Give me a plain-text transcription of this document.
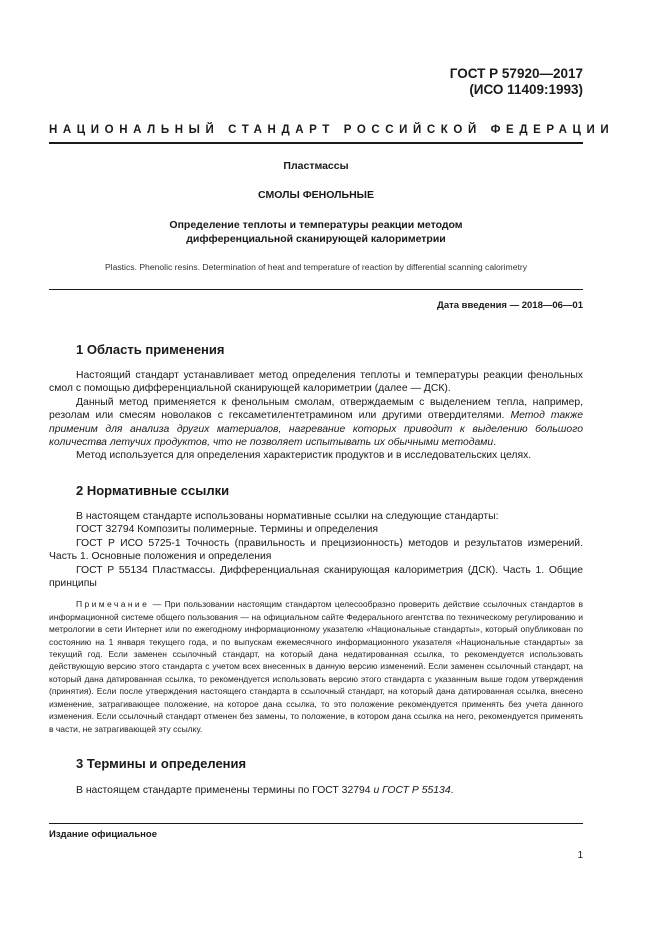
ГОСТ Р 57920—2017
(ИСО 11409:1993)
НАЦИОНАЛЬНЫЙ СТАНДАРТ РОССИЙСКОЙ ФЕДЕРАЦИИ
Пластмассы
СМОЛЫ ФЕНОЛЬНЫЕ
Определение теплоты и температуры реакции методом
дифференциальной сканирующей калориметрии
Plastics. Phenolic resins. Determination of heat and temperature of reaction by differential scanning calorimetry
Дата введения — 2018—06—01
1 Область применения

Настоящий стандарт устанавливает метод определения теплоты и температуры реакции фенольных смол с помощью дифференциальной сканирующей калориметрии (далее — ДСК).

Данный метод применяется к фенольным смолам, отверждаемым с выделением тепла, например, резолам или смесям новолаков с гексаметилентетрамином или другими отвердителями. Метод также применим для анализа других материалов, нагревание которых приводит к выделению большого количества летучих продуктов, что не позволяет испытывать их обычными методами.

Метод используется для определения характеристик продуктов и в исследовательских целях.

2 Нормативные ссылки

В настоящем стандарте использованы нормативные ссылки на следующие стандарты:

ГОСТ 32794 Композиты полимерные. Термины и определения

ГОСТ Р ИСО 5725-1 Точность (правильность и прецизионность) методов и результатов измерений. Часть 1. Основные положения и определения

ГОСТ Р 55134 Пластмассы. Дифференциальная сканирующая калориметрия (ДСК). Часть 1. Общие принципы

Примечание — При пользовании настоящим стандартом целесообразно проверить действие ссылочных стандартов в информационной системе общего пользования — на официальном сайте Федерального агентства по техническому регулированию и метрологии в сети Интернет или по ежегодному информационному указателю «Национальные стандарты», который опубликован по состоянию на 1 января текущего года, и по выпускам ежемесячного информационного указателя «Национальные стандарты» за текущий год. Если заменен ссылочный стандарт, на который дана недатированная ссылка, то рекомендуется использовать действующую версию этого стандарта с учетом всех внесенных в данную версию изменений. Если заменен ссылочный стандарт, на который дана датированная ссылка, то рекомендуется использовать версию этого стандарта с указанным выше годом утверждения (принятия). Если после утверждения настоящего стандарта в ссылочный стандарт, на который дана датированная ссылка, внесено изменение, затрагивающее положение, на которое дана ссылка, то это положение рекомендуется применять без учета данного изменения. Если ссылочный стандарт отменен без замены, то положение, в котором дана ссылка на него, рекомендуется применять в части, не затрагивающей эту ссылку.

3 Термины и определения

В настоящем стандарте применены термины по ГОСТ 32794 и ГОСТ Р 55134.

Издание официальное
1
